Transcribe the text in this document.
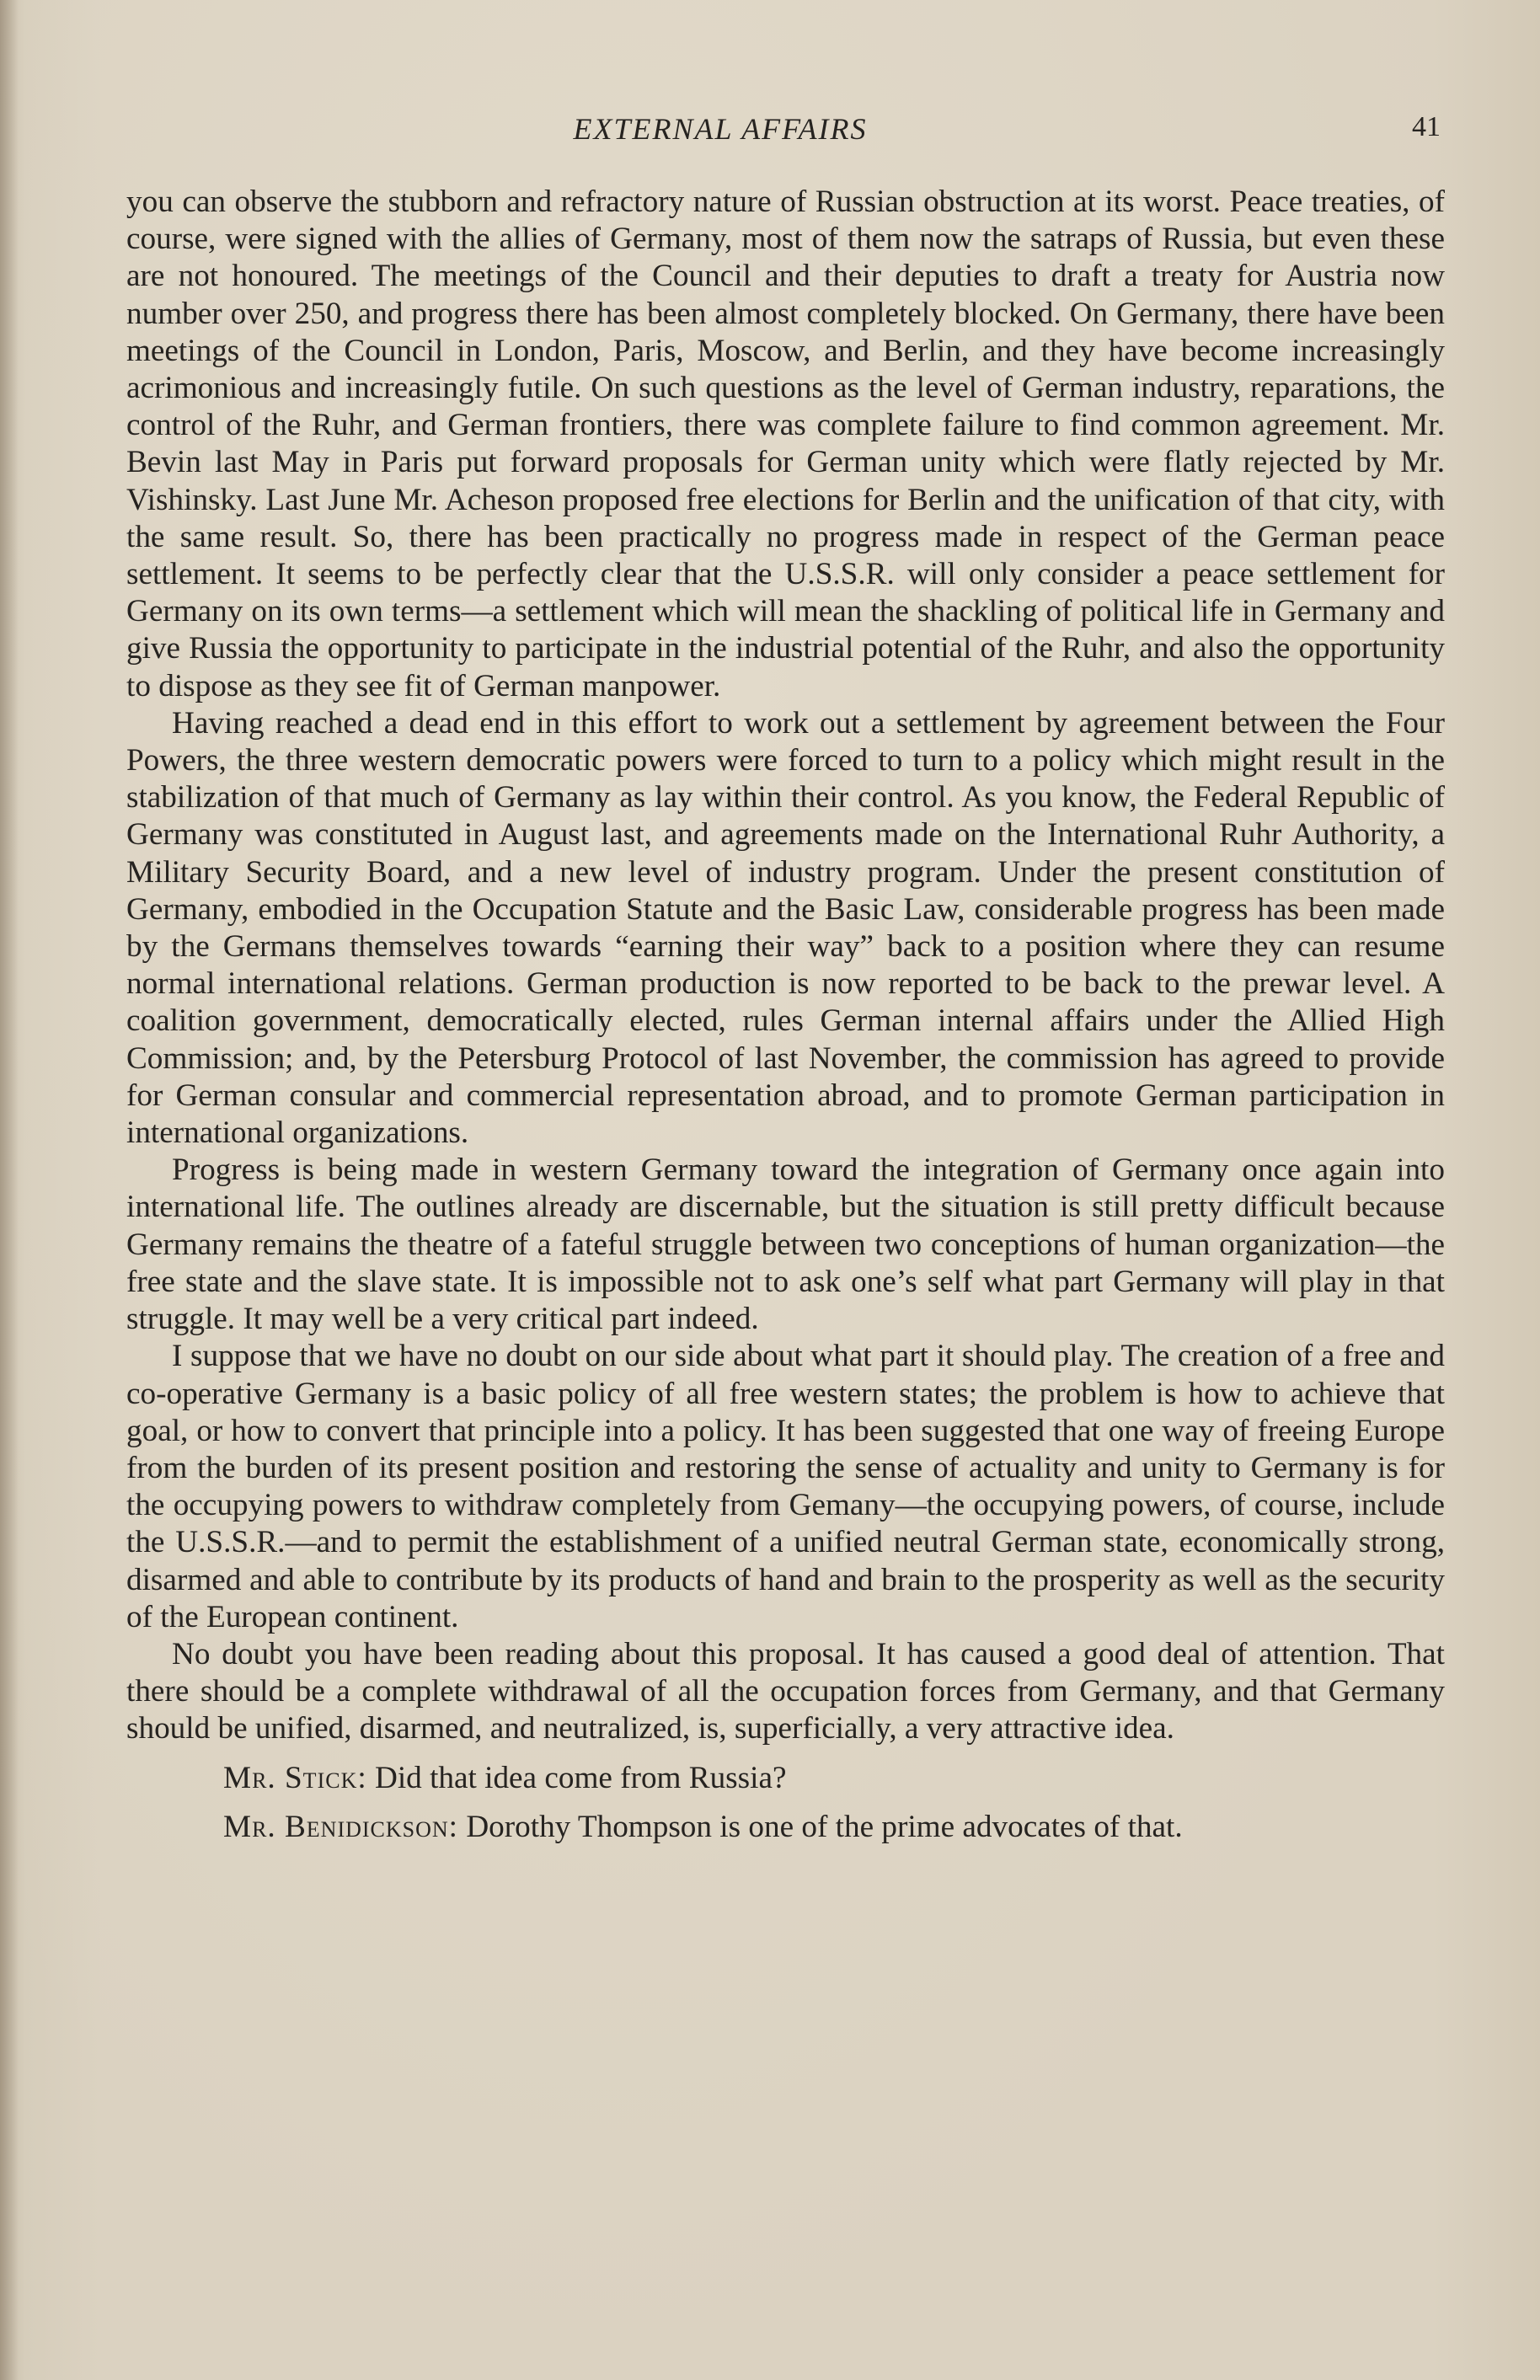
EXTERNAL AFFAIRS	41

you can observe the stubborn and refractory nature of Russian obstruction at its worst. Peace treaties, of course, were signed with the allies of Germany, most of them now the satraps of Russia, but even these are not honoured. The meetings of the Council and their deputies to draft a treaty for Austria now number over 250, and progress there has been almost completely blocked. On Germany, there have been meetings of the Council in London, Paris, Moscow, and Berlin, and they have become increasingly acrimonious and increasingly futile. On such questions as the level of German industry, reparations, the control of the Ruhr, and German frontiers, there was complete failure to find common agreement. Mr. Bevin last May in Paris put forward proposals for German unity which were flatly rejected by Mr. Vishinsky. Last June Mr. Acheson proposed free elections for Berlin and the unification of that city, with the same result. So, there has been practically no progress made in respect of the German peace settlement. It seems to be perfectly clear that the U.S.S.R. will only consider a peace settlement for Germany on its own terms—a settlement which will mean the shackling of political life in Germany and give Russia the opportunity to participate in the industrial potential of the Ruhr, and also the opportunity to dispose as they see fit of German manpower.

Having reached a dead end in this effort to work out a settlement by agreement between the Four Powers, the three western democratic powers were forced to turn to a policy which might result in the stabilization of that much of Germany as lay within their control. As you know, the Federal Republic of Germany was constituted in August last, and agreements made on the International Ruhr Authority, a Military Security Board, and a new level of industry program. Under the present constitution of Germany, embodied in the Occupation Statute and the Basic Law, considerable progress has been made by the Germans themselves towards “earning their way” back to a position where they can resume normal international relations. German production is now reported to be back to the prewar level. A coalition government, democratically elected, rules German internal affairs under the Allied High Commission; and, by the Petersburg Protocol of last November, the commission has agreed to provide for German consular and commercial representation abroad, and to promote German participation in international organizations.

Progress is being made in western Germany toward the integration of Germany once again into international life. The outlines already are discernable, but the situation is still pretty difficult because Germany remains the theatre of a fateful struggle between two conceptions of human organization—the free state and the slave state. It is impossible not to ask one’s self what part Germany will play in that struggle. It may well be a very critical part indeed.

I suppose that we have no doubt on our side about what part it should play. The creation of a free and co-operative Germany is a basic policy of all free western states; the problem is how to achieve that goal, or how to convert that principle into a policy. It has been suggested that one way of freeing Europe from the burden of its present position and restoring the sense of actuality and unity to Germany is for the occupying powers to withdraw completely from Gemany—the occupying powers, of course, include the U.S.S.R.—and to permit the establishment of a unified neutral German state, economically strong, disarmed and able to contribute by its products of hand and brain to the prosperity as well as the security of the European continent.

No doubt you have been reading about this proposal. It has caused a good deal of attention. That there should be a complete withdrawal of all the occupation forces from Germany, and that Germany should be unified, disarmed, and neutralized, is, superficially, a very attractive idea.

Mr. Stick: Did that idea come from Russia?

Mr. Benidickson: Dorothy Thompson is one of the prime advocates of that.
